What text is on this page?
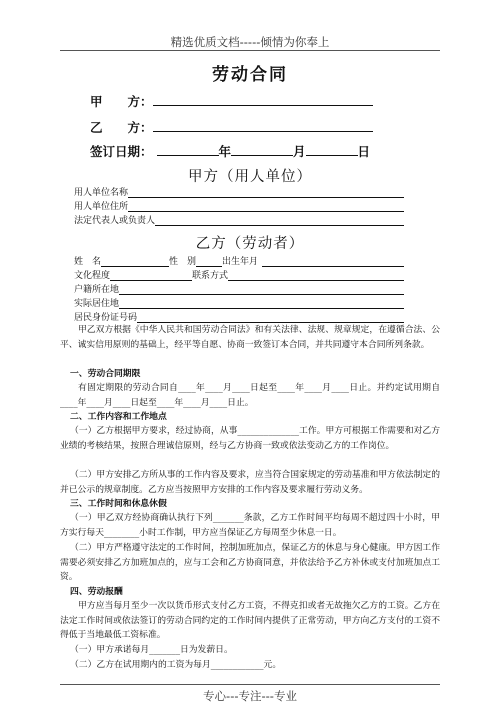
精选优质文档-----倾情为你奉上
劳动合同
甲　　方：
乙　　方：
签订日期：	年	月	日
甲方（用人单位）
用人单位名称
用人单位住所
法定代表人或负责人
乙方（劳动者）
姓　名	性　别	出生年月
文化程度	联系方式
户籍所在地
实际居住地
居民身份证号码
甲乙双方根据《中华人民共和国劳动合同法》和有关法律、法规、规章规定，在遵循合法、公平、诚实信用原则的基础上，经平等自愿、协商一致签订本合同，并共同遵守本合同所列条款。
一、劳动合同期限
有固定期限的劳动合同自____年____月____日起至____年____月____日止。并约定试用期自____年____月____日起至____年____月____日止。
二、工作内容和工作地点
（一）乙方根据甲方要求，经过协商，从事______________工作。甲方可根据工作需要和对乙方业绩的考核结果，按照合理诚信原则，经与乙方协商一致或依法变动乙方的工作岗位。
（二）甲方安排乙方所从事的工作内容及要求，应当符合国家规定的劳动基准和甲方依法制定的并已公示的规章制度。乙方应当按照甲方安排的工作内容及要求履行劳动义务。
三、工作时间和休息休假
（一）甲乙双方经协商确认执行下列_______条款，乙方工作时间平均每周不超过四十小时，甲方实行每天________小时工作制，甲方应当保证乙方每周至少休息一日。
（二）甲方严格遵守法定的工作时间，控制加班加点，保证乙方的休息与身心健康。甲方因工作需要必须安排乙方加班加点的，应与工会和乙方协商同意，并依法给予乙方补休或支付加班加点工资。
四、劳动报酬
甲方应当每月至少一次以货币形式支付乙方工资，不得克扣或者无故拖欠乙方的工资。乙方在法定工作时间或依法签订的劳动合同约定的工作时间内提供了正常劳动，甲方向乙方支付的工资不得低于当地最低工资标准。
（一）甲方承诺每月_______日为发薪日。
（二）乙方在试用期内的工资为每月____________元。
专心---专注---专业
